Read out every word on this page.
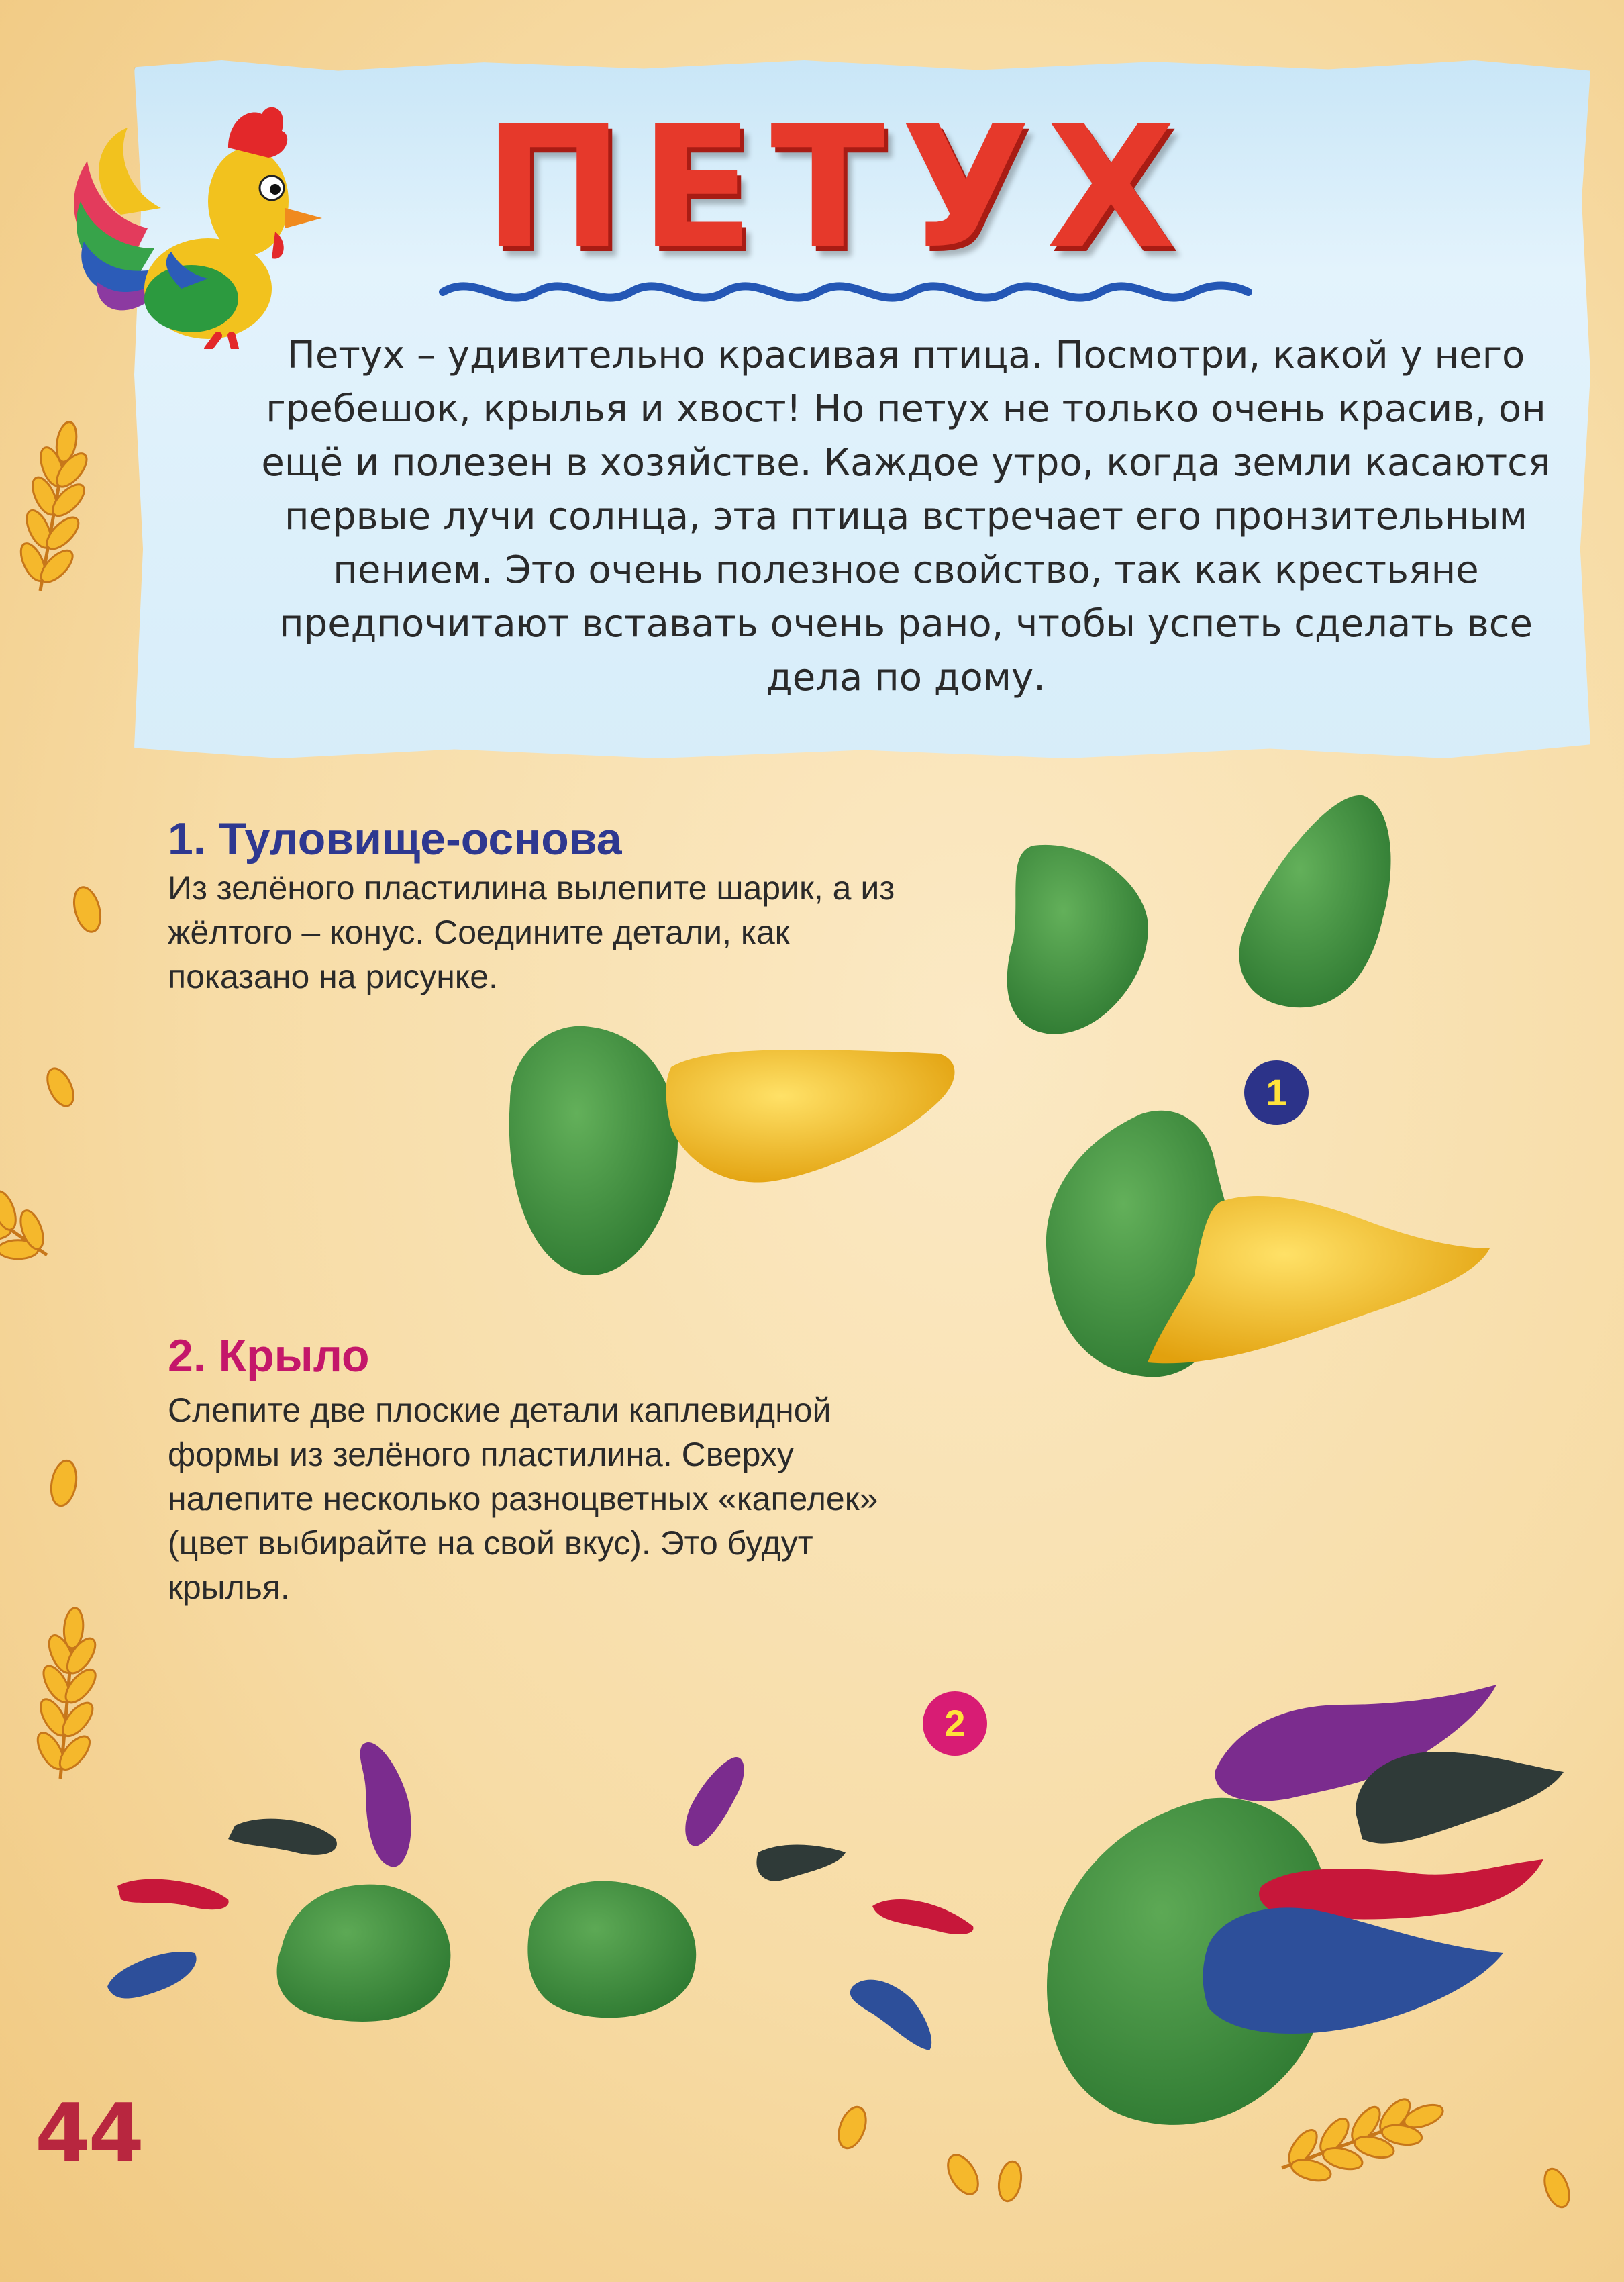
ПЕТУХ

Петух – удивительно красивая птица. Посмотри, какой у него гребешок, крылья и хвост! Но петух не только очень красив, он ещё и полезен в хозяйстве. Каждое утро, когда земли касаются первые лучи солнца, эта птица встречает его пронзительным пением. Это очень полезное свойство, так как крестьяне предпочитают вставать очень рано, чтобы успеть сделать все дела по дому.

1. Туловище-основа

Из зелёного пластилина вылепите шарик, а из жёлтого – конус. Соедините детали, как показано на рисунке.

1
2. Крыло

Слепите две плоские детали каплевидной формы из зелёного пластилина. Сверху налепите несколько разноцветных «капелек» (цвет выбирайте на свой вкус). Это будут крылья.

2

44
